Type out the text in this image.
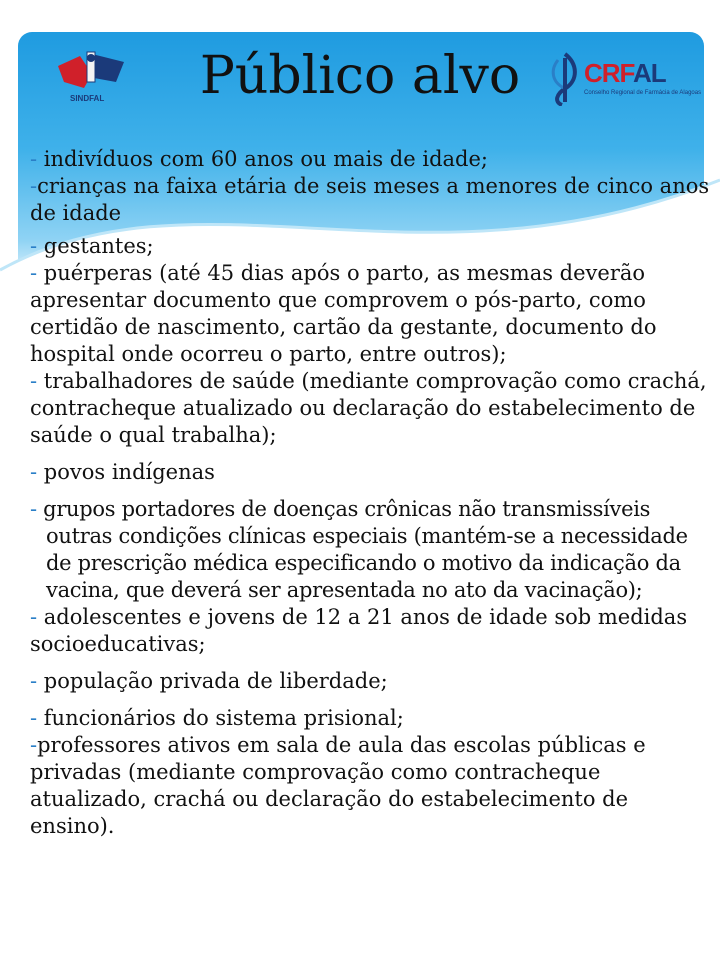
SINDFAL
CRFAL
Conselho Regional de Farmácia de Alagoas
Público alvo

- indivíduos com 60 anos ou mais de idade;

-crianças na faixa etária de seis meses a menores de cinco anos de idade

- gestantes;

- puérperas (até 45 dias após o parto, as mesmas deverão apresentar documento que comprovem o pós-parto, como certidão de nascimento, cartão da gestante, documento do hospital onde ocorreu o parto, entre outros);

- trabalhadores de saúde (mediante comprovação como crachá, contracheque atualizado ou declaração do estabelecimento de saúde o qual trabalha);

- povos indígenas

- grupos portadores de doenças crônicas não transmissíveis outras condições clínicas especiais (mantém-se a necessidade de prescrição médica especificando o motivo da indicação da vacina, que deverá ser apresentada no ato da vacinação);

- adolescentes e jovens de 12 a 21 anos de idade sob medidas socioeducativas;

- população privada de liberdade;

- funcionários do sistema prisional;

-professores ativos em sala de aula das escolas públicas e privadas (mediante comprovação como contracheque atualizado, crachá ou declaração do estabelecimento de ensino).
